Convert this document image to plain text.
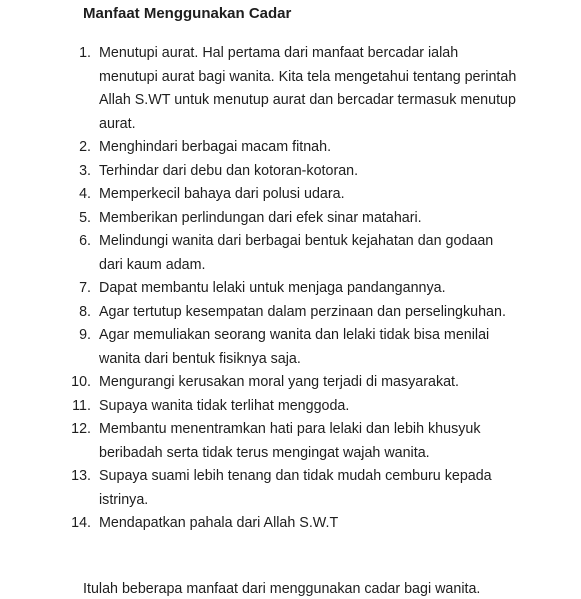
Manfaat Menggunakan Cadar
1. Menutupi aurat. Hal pertama dari manfaat bercadar ialah menutupi aurat bagi wanita. Kita tela mengetahui tentang perintah Allah S.WT untuk menutup aurat dan bercadar termasuk menutup aurat.
2. Menghindari berbagai macam fitnah.
3. Terhindar dari debu dan kotoran-kotoran.
4. Memperkecil bahaya dari polusi udara.
5. Memberikan perlindungan dari efek sinar matahari.
6. Melindungi wanita dari berbagai bentuk kejahatan dan godaan dari kaum adam.
7. Dapat membantu lelaki untuk menjaga pandangannya.
8. Agar tertutup kesempatan dalam perzinaan dan perselingkuhan.
9. Agar memuliakan seorang wanita dan lelaki tidak bisa menilai wanita dari bentuk fisiknya saja.
10. Mengurangi kerusakan moral yang terjadi di masyarakat.
11. Supaya wanita tidak terlihat menggoda.
12. Membantu menentramkan hati para lelaki dan lebih khusyuk beribadah serta tidak terus mengingat wajah wanita.
13. Supaya suami lebih tenang dan tidak mudah cemburu kepada istrinya.
14. Mendapatkan pahala dari Allah S.W.T
Itulah beberapa manfaat dari menggunakan cadar bagi wanita.
